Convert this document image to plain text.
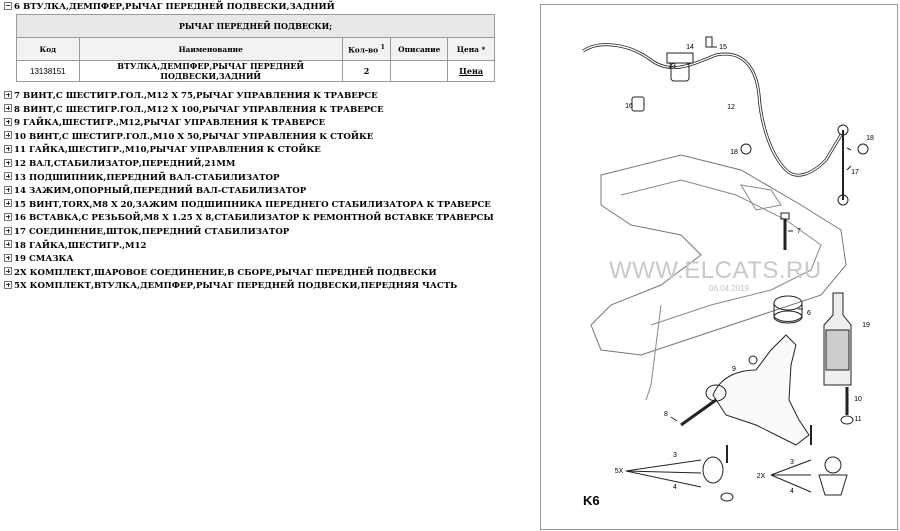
6 ВТУЛКА,ДЕМПФЕР,РЫЧАГ ПЕРЕДНЕЙ ПОДВЕСКИ,ЗАДНИЙ
РЫЧАГ ПЕРЕДНЕЙ ПОДВЕСКИ;				
Код	Наименование	Кол-во $^1$	Описание	Цена *
13138151	ВТУЛКА,ДЕМПФЕР,РЫЧАГ ПЕРЕДНЕЙ ПОДВЕСКИ,ЗАДНИЙ	2		Цена
7 ВИНТ,С ШЕСТИГР.ГОЛ.,М12 Х 75,РЫЧАГ УПРАВЛЕНИЯ К ТРАВЕРСЕ
8 ВИНТ,С ШЕСТИГР.ГОЛ.,М12 Х 100,РЫЧАГ УПРАВЛЕНИЯ К ТРАВЕРСЕ
9 ГАЙКА,ШЕСТИГР.,М12,РЫЧАГ УПРАВЛЕНИЯ К ТРАВЕРСЕ
10 ВИНТ,С ШЕСТИГР.ГОЛ.,М10 Х 50,РЫЧАГ УПРАВЛЕНИЯ К СТОЙКЕ
11 ГАЙКА,ШЕСТИГР.,М10,РЫЧАГ УПРАВЛЕНИЯ К СТОЙКЕ
12 ВАЛ,СТАБИЛИЗАТОР,ПЕРЕДНИЙ,21ММ
13 ПОДШИПНИК,ПЕРЕДНИЙ ВАЛ-СТАБИЛИЗАТОР
14 ЗАЖИМ,ОПОРНЫЙ,ПЕРЕДНИЙ ВАЛ-СТАБИЛИЗАТОР
15 ВИНТ,TORX,М8 Х 20,ЗАЖИМ ПОДШИПНИКА ПЕРЕДНЕГО СТАБИЛИЗАТОРА К ТРАВЕРСЕ
16 ВСТАВКА,С РЕЗЬБОЙ,М8 Х 1.25 Х 8,СТАБИЛИЗАТОР К РЕМОНТНОЙ ВСТАВКЕ ТРАВЕРСЫ
17 СОЕДИНЕНИЕ,ШТОК,ПЕРЕДНИЙ СТАБИЛИЗАТОР
18 ГАЙКА,ШЕСТИГР.,М12
19 СМАЗКА
2X КОМПЛЕКТ,ШАРОВОЕ СОЕДИНЕНИЕ,В СБОРЕ,РЫЧАГ ПЕРЕДНЕЙ ПОДВЕСКИ
5X КОМПЛЕКТ,ВТУЛКА,ДЕМПФЕР,РЫЧАГ ПЕРЕДНЕЙ ПОДВЕСКИ,ПЕРЕДНЯЯ ЧАСТЬ
14	15
13
16	12
18
18
17
7
6
19
9
10
8
11
3
3
5X
2X
4
4
WWW.ELCATS.RU
06.04.2019
K6
